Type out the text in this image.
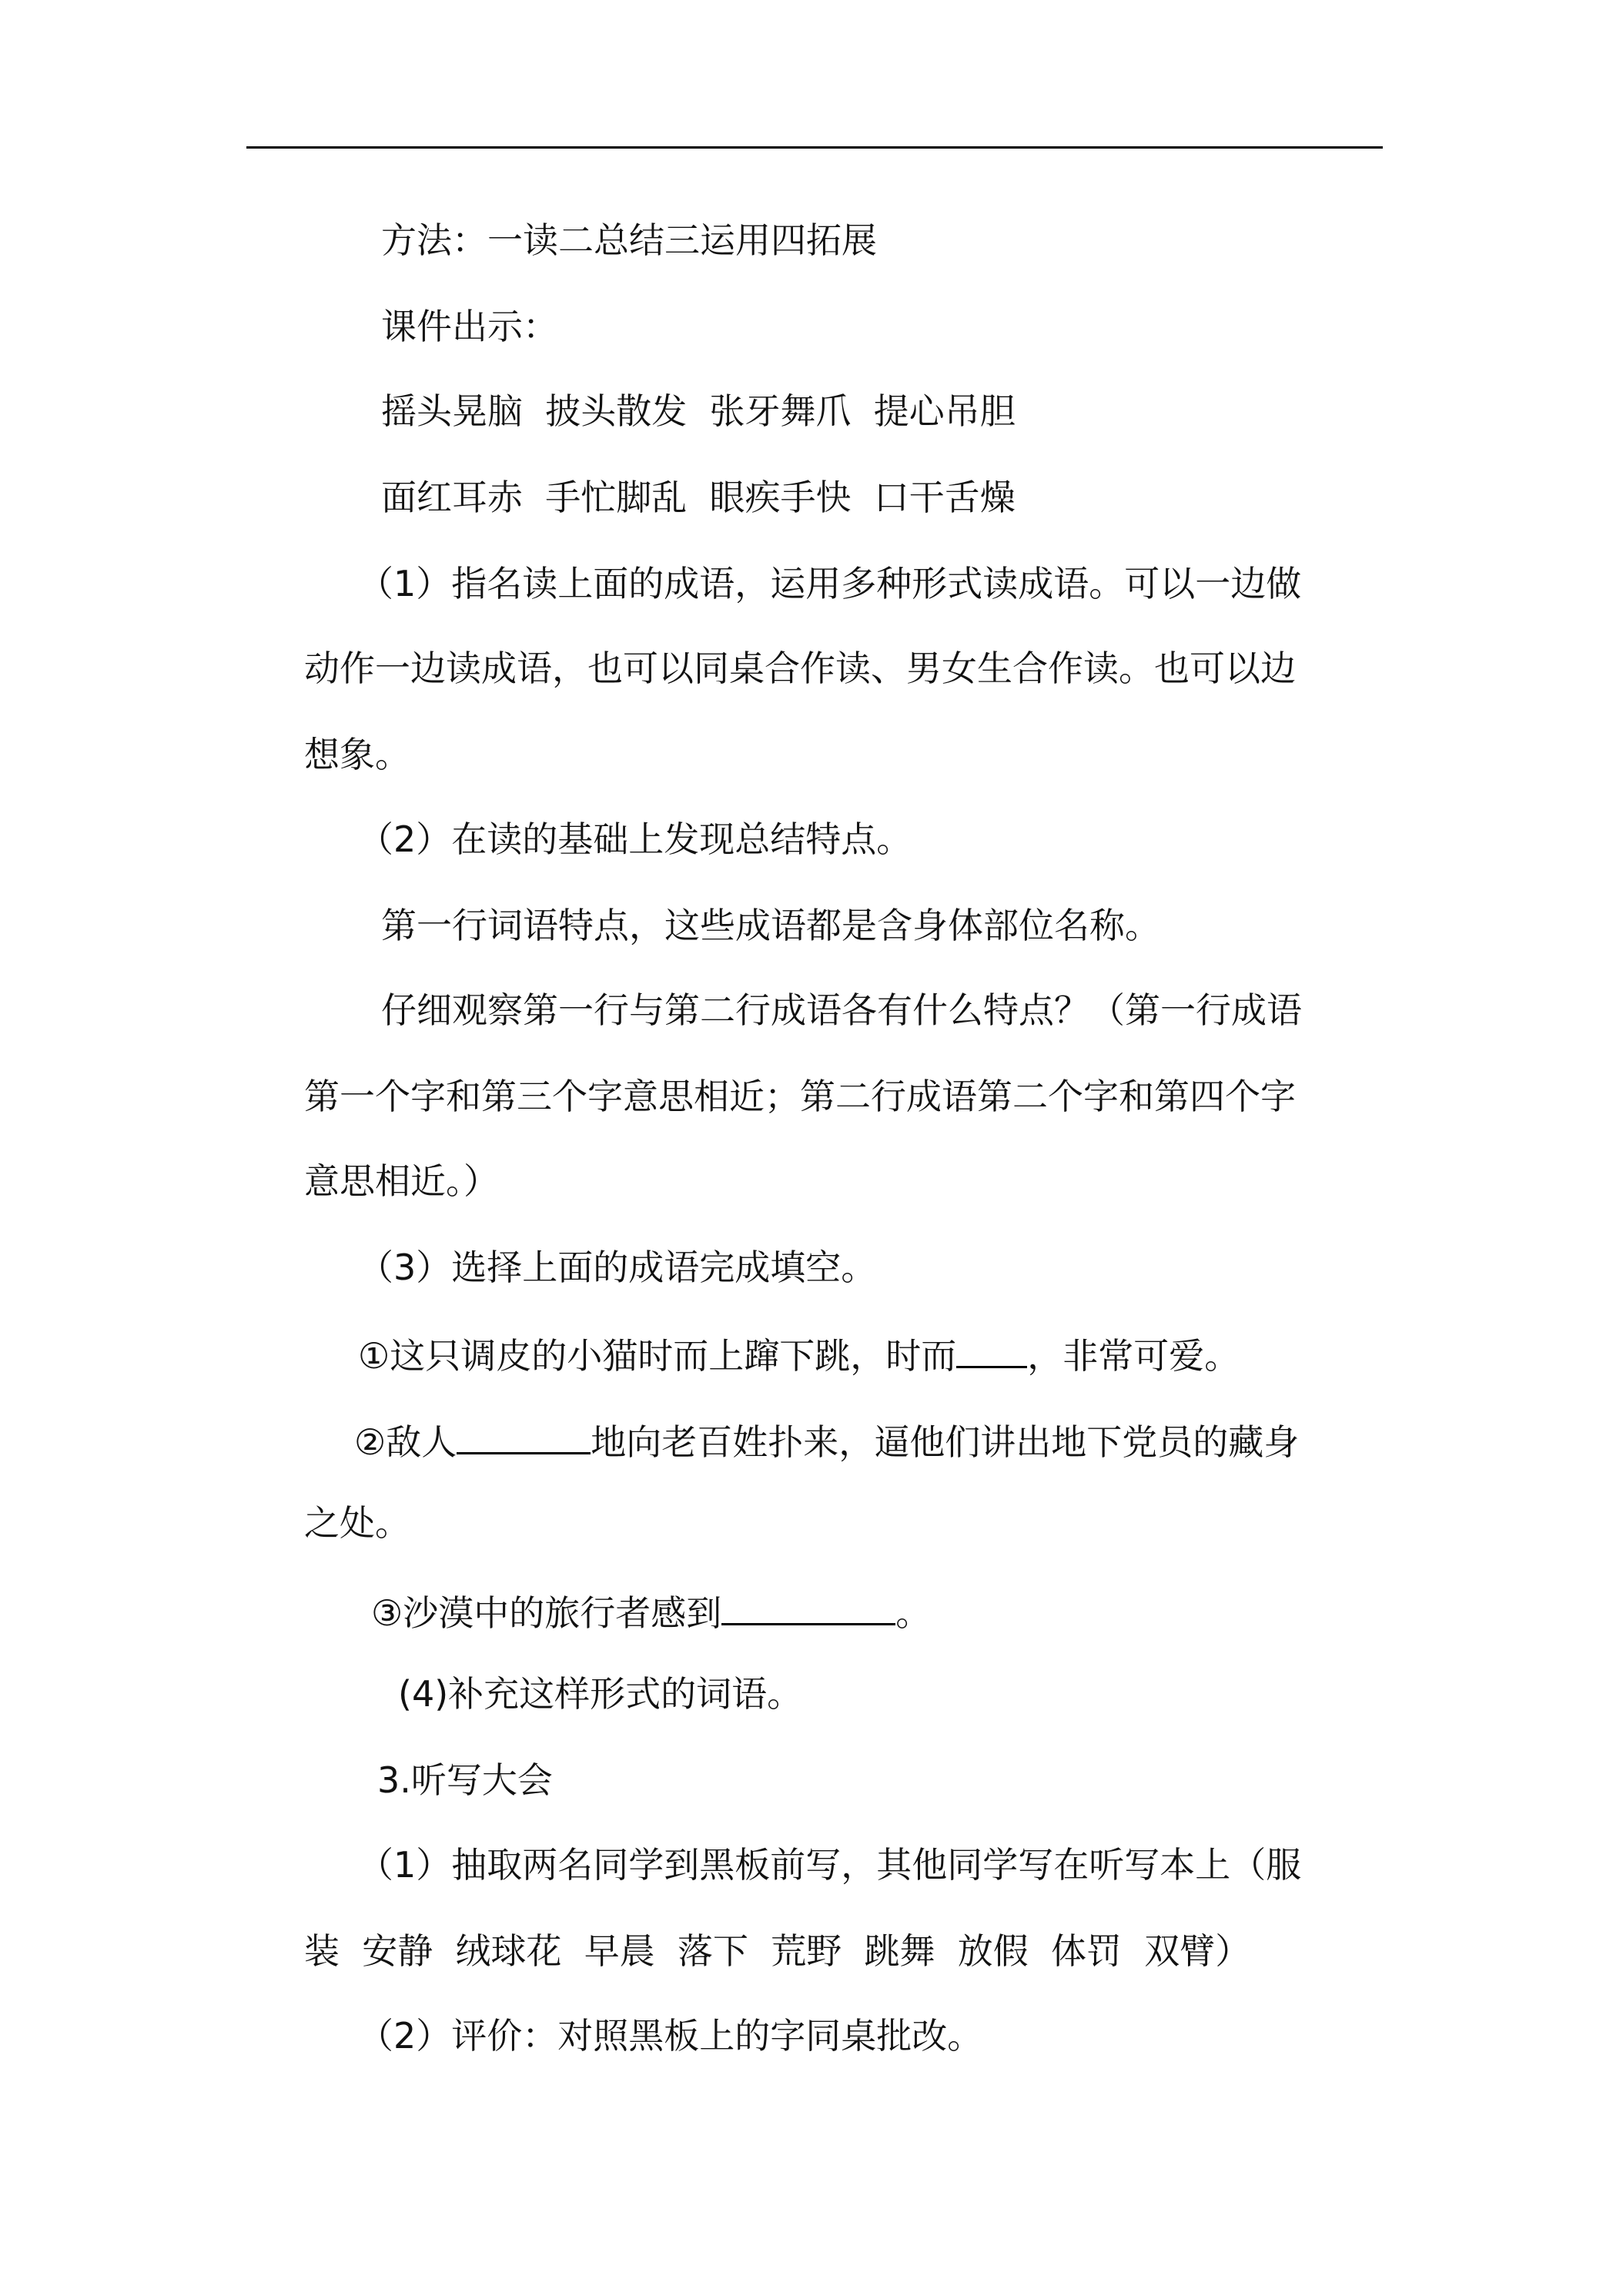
方法：一读二总结三运用四拓展

课件出示：

摇头晃脑  披头散发  张牙舞爪  提心吊胆

面红耳赤  手忙脚乱  眼疾手快  口干舌燥

（1）指名读上面的成语，运用多种形式读成语。可以一边做

动作一边读成语，也可以同桌合作读、男女生合作读。也可以边

想象。

（2）在读的基础上发现总结特点。

第一行词语特点，这些成语都是含身体部位名称。

仔细观察第一行与第二行成语各有什么特点？（第一行成语

第一个字和第三个字意思相近；第二行成语第二个字和第四个字

意思相近。）

（3）选择上面的成语完成填空。

①这只调皮的小猫时而上蹿下跳，时而 ，非常可爱。

②敌人	地向老百姓扑来，逼他们讲出地下党员的藏身

之处。

③沙漠中的旅行者感到	。

(4)补充这样形式的词语。

3.听写大会

（1）抽取两名同学到黑板前写，其他同学写在听写本上（服

装  安静  绒球花  早晨  落下  荒野  跳舞  放假  体罚  双臂）

（2）评价：对照黑板上的字同桌批改。
